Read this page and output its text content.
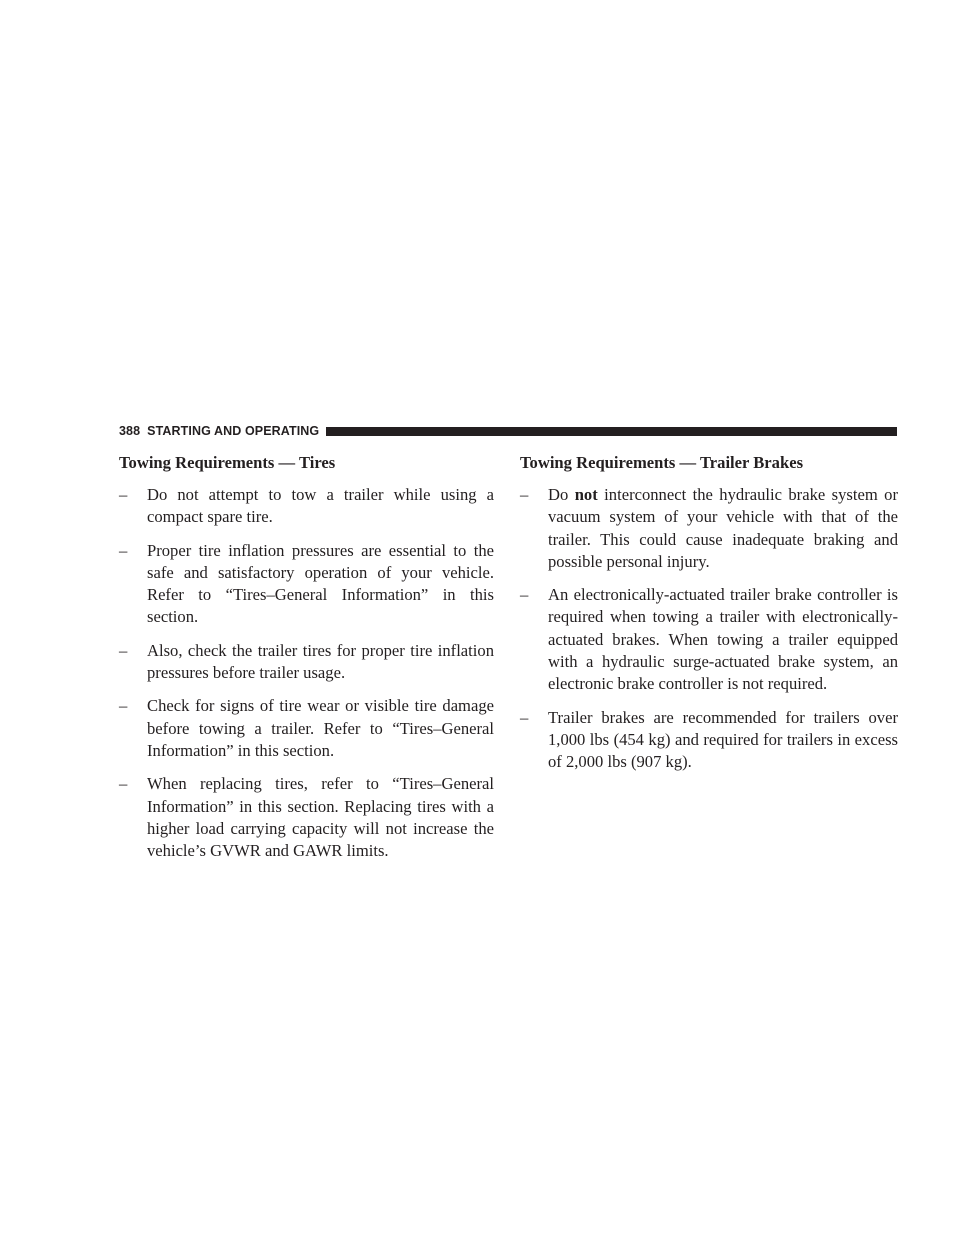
388 STARTING AND OPERATING
Towing Requirements — Tires
– Do not attempt to tow a trailer while using a compact spare tire.
– Proper tire inflation pressures are essential to the safe and satisfactory operation of your vehicle. Refer to “Tires–General Information” in this section.
– Also, check the trailer tires for proper tire inflation pressures before trailer usage.
– Check for signs of tire wear or visible tire damage before towing a trailer. Refer to “Tires–General Information” in this section.
– When replacing tires, refer to “Tires–General Information” in this section. Replacing tires with a higher load carrying capacity will not increase the vehicle’s GVWR and GAWR limits.
Towing Requirements — Trailer Brakes
– Do not interconnect the hydraulic brake system or vacuum system of your vehicle with that of the trailer. This could cause inadequate braking and possible personal injury.
– An electronically-actuated trailer brake controller is required when towing a trailer with electronically-actuated brakes. When towing a trailer equipped with a hydraulic surge-actuated brake system, an electronic brake controller is not required.
– Trailer brakes are recommended for trailers over 1,000 lbs (454 kg) and required for trailers in excess of 2,000 lbs (907 kg).
